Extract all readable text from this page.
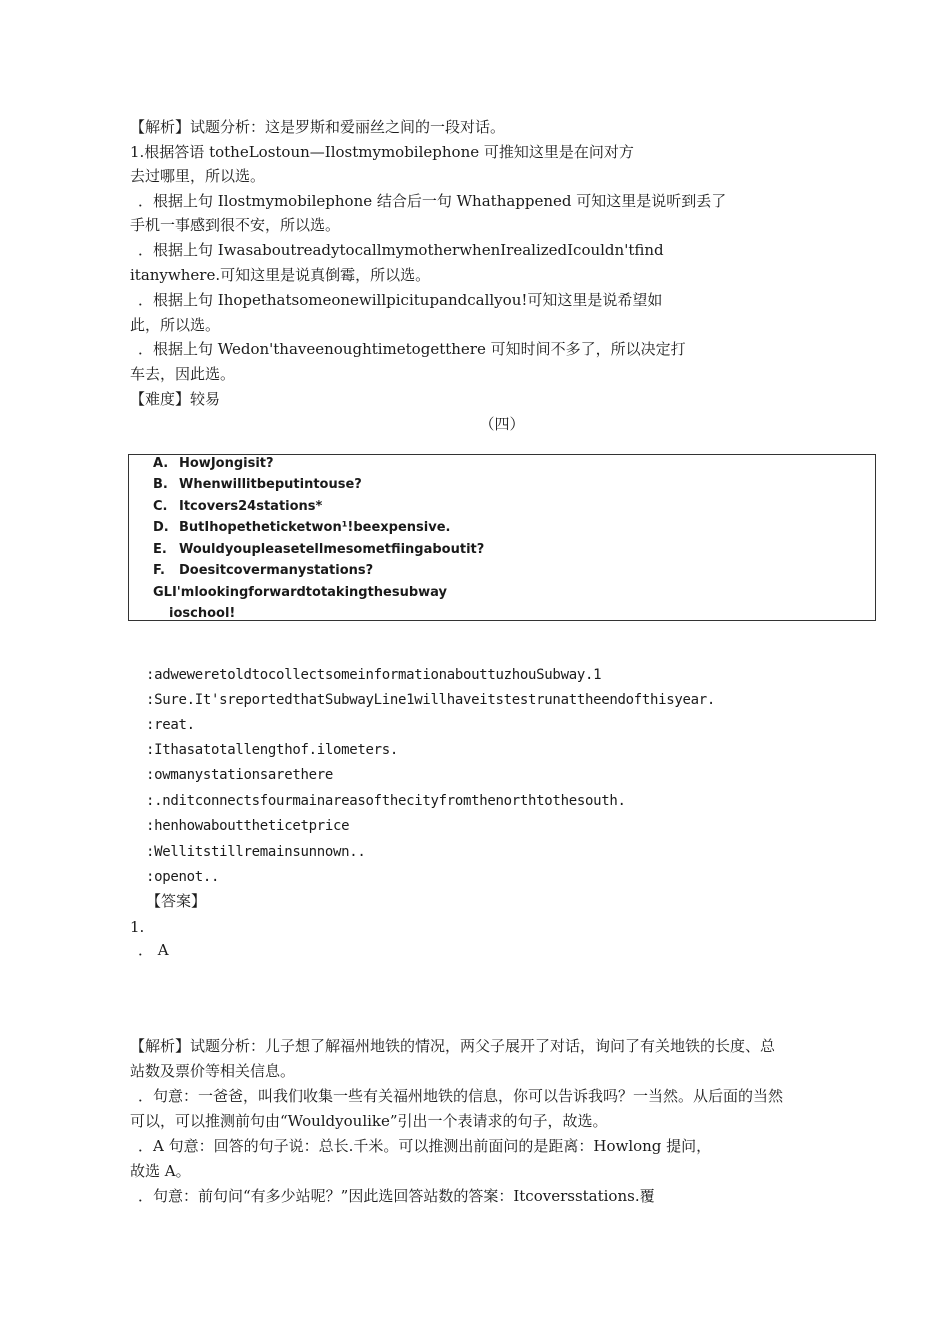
【解析】试题分析：这是罗斯和爱丽丝之间的一段对话。
1.根据答语 totheLostoun—Ilostmymobilephone 可推知这里是在问对方
去过哪里，所以选。
．根据上句 Ilostmymobilephone 结合后一句 Whathappened 可知这里是说听到丢了
手机一事感到很不安，所以选。
．根据上句 IwasaboutreadytocallmymotherwhenIrealizedIcouldn'tfind
itanywhere.可知这里是说真倒霉，所以选。
．根据上句 Ihopethatsomeonewillpicitupandcallyou!可知这里是说希望如
此，所以选。
．根据上句 Wedon'thaveenoughtimetogetthere 可知时间不多了，所以决定打
车去，因此选。
【难度】较易
（四）
A. HowJongisit?
B. Whenwillitbeputintouse?
C. Itcovers24stations*
D. ButIhopetheticketwon¹!beexpensive.
E. Wouldyoupleasetellmesometfiingaboutit?
F. Doesitcovermanystations?
GLI'mlookingforwardtotakingthesubway
ioschool!
:adweweretoldtocollectsomeinformationabouttuzhouSubway.1
:Sure.It'sreportedthatSubwayLine1willhaveitstestrunattheendofthisyear.
:reat.
:Ithasatotallengthof.ilometers.
:owmanystationsarethere
:.nditconnectsfourmainareasofthecityfromthenorthtothesouth.
:henhowabouttheticetprice
:Wellitstillremainsunnown..
:openot..
【答案】
1.
． A
【解析】试题分析：儿子想了解福州地铁的情况，两父子展开了对话，询问了有关地铁的长度、总
站数及票价等相关信息。
．句意：一爸爸，叫我们收集一些有关福州地铁的信息，你可以告诉我吗？一当然。从后面的当然
可以，可以推测前句由“Wouldyoulike”引出一个表请求的句子，故选。
．A 句意：回答的句子说：总长.千米。可以推测出前面问的是距离：Howlong 提问，
故选 A。
．句意：前句问“有多少站呢？”因此选回答站数的答案：Itcoversstations.覆
